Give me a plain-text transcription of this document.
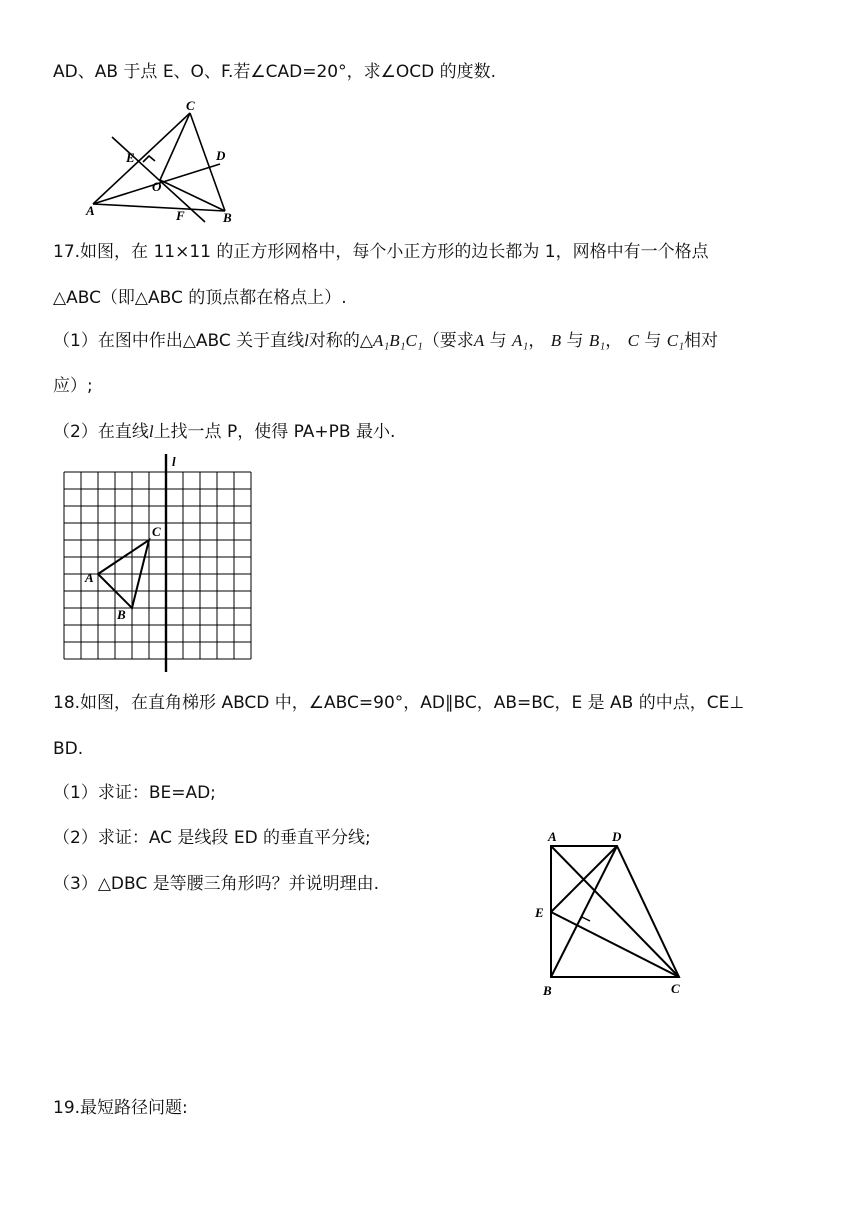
AD、AB 于点 E、O、F.若∠CAD=20°，求∠OCD 的度数.
C
E	D
O
A	F	B
17.如图，在 11×11 的正方形网格中，每个小正方形的边长都为 1，网格中有一个格点
△ABC（即△ABC 的顶点都在格点上）.
（1）在图中作出△ABC 关于直线l对称的△A₁B₁C₁（要求A 与 A₁， B 与 B₁， C 与 C₁相对
应）;
（2）在直线l上找一点 P，使得 PA+PB 最小.
l
C
A
B
18.如图，在直角梯形 ABCD 中，∠ABC=90°，AD∥BC，AB=BC，E 是 AB 的中点，CE⊥
BD.
（1）求证：BE=AD;
（2）求证：AC 是线段 ED 的垂直平分线;
（3）△DBC 是等腰三角形吗？并说明理由.
A	D
E
B	C
19.最短路径问题:
